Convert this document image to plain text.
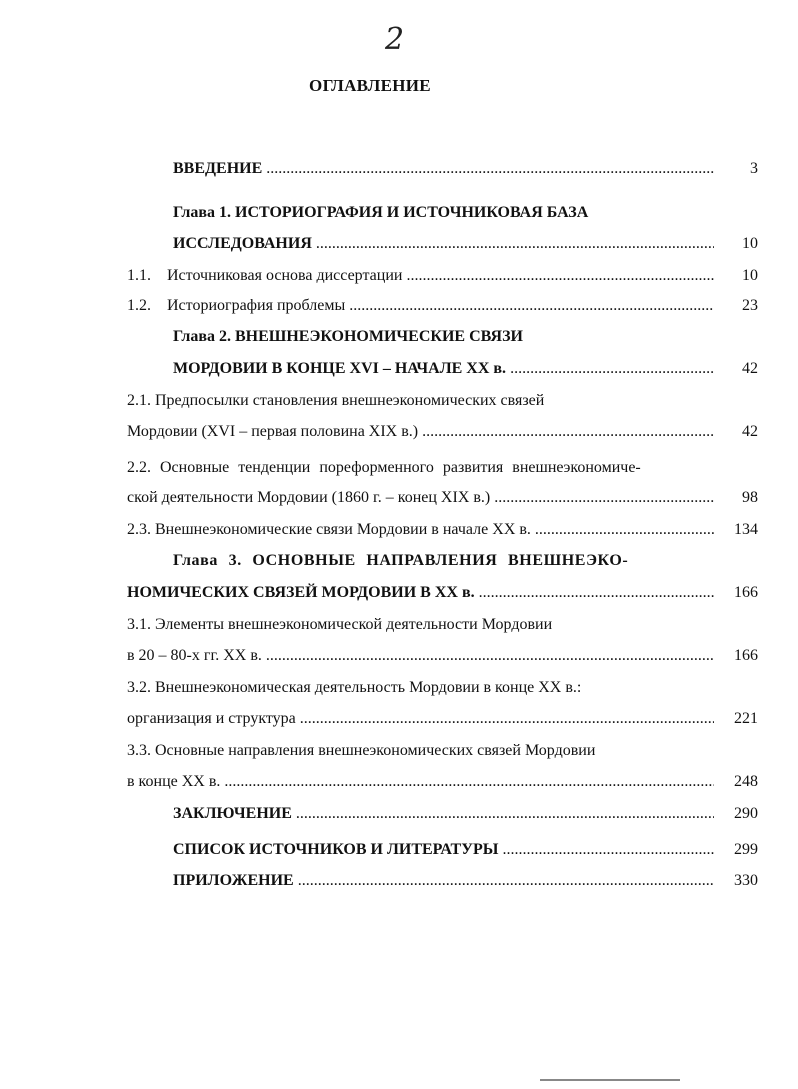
2
ОГЛАВЛЕНИЕ
ВВЕДЕНИЕ .....	3
Глава 1. ИСТОРИОГРАФИЯ И ИСТОЧНИКОВАЯ БАЗА
ИССЛЕДОВАНИЯ .....	10
1.1.	Источниковая основа диссертации .....	10
1.2.	Историография проблемы .....	23
Глава 2. ВНЕШНЕЭКОНОМИЧЕСКИЕ СВЯЗИ
МОРДОВИИ В КОНЦЕ XVI – НАЧАЛЕ XX в. .....	42
2.1. Предпосылки становления внешнеэкономических связей
Мордовии (XVI – первая половина XIX в.) .....	42
2.2. Основные тенденции пореформенного развития внешнеэкономиче-
ской деятельности Мордовии (1860 г. – конец XIX в.) .....	98
2.3. Внешнеэкономические связи Мордовии в начале XX в. .....	134
Глава 3. ОСНОВНЫЕ НАПРАВЛЕНИЯ ВНЕШНЕЭКО-
НОМИЧЕСКИХ СВЯЗЕЙ МОРДОВИИ В XX в. .....	166
3.1. Элементы внешнеэкономической деятельности Мордовии
в 20 – 80-х гг. XX в. .....	166
3.2. Внешнеэкономическая деятельность Мордовии в конце XX в.:
организация и структура .....	221
3.3. Основные направления внешнеэкономических связей Мордовии
в конце XX в. .....	248
ЗАКЛЮЧЕНИЕ .....	290
СПИСОК ИСТОЧНИКОВ И ЛИТЕРАТУРЫ .....	299
ПРИЛОЖЕНИЕ .....	330
